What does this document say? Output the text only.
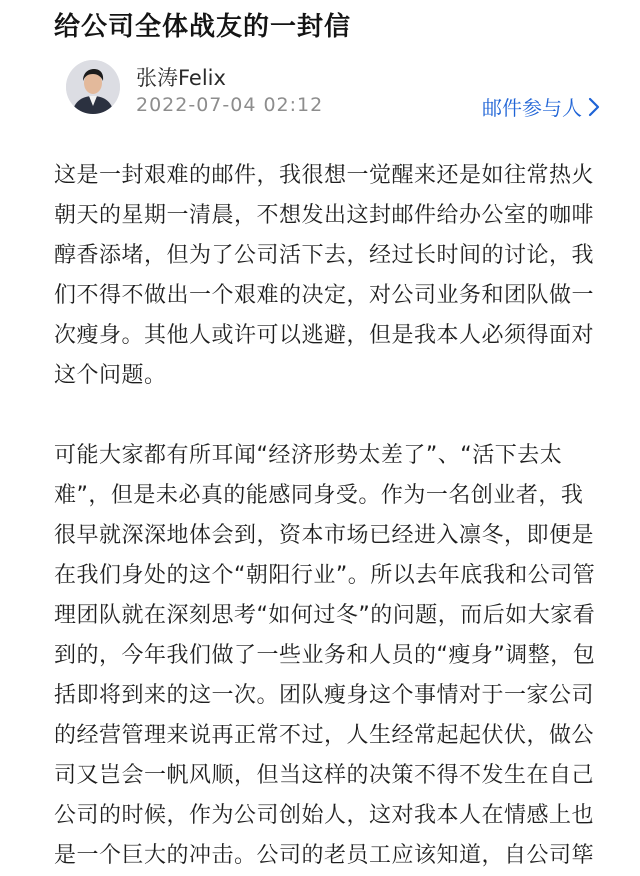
给公司全体战友的一封信
张涛Felix
2022-07-04 02:12	邮件参与人

这是一封艰难的邮件，我很想一觉醒来还是如往常热火朝天的星期一清晨，不想发出这封邮件给办公室的咖啡醇香添堵，但为了公司活下去，经过长时间的讨论，我们不得不做出一个艰难的决定，对公司业务和团队做一次瘦身。其他人或许可以逃避，但是我本人必须得面对这个问题。

可能大家都有所耳闻“经济形势太差了”、“活下去太难”，但是未必真的能感同身受。作为一名创业者，我很早就深深地体会到，资本市场已经进入凛冬，即便是在我们身处的这个“朝阳行业”。所以去年底我和公司管理团队就在深刻思考“如何过冬”的问题，而后如大家看到的，今年我们做了一些业务和人员的“瘦身”调整，包括即将到来的这一次。团队瘦身这个事情对于一家公司的经营管理来说再正常不过，人生经常起起伏伏，做公司又岂会一帆风顺，但当这样的决策不得不发生在自己公司的时候，作为公司创始人，这对我本人在情感上也是一个巨大的冲击。公司的老员工应该知道，自公司筚
